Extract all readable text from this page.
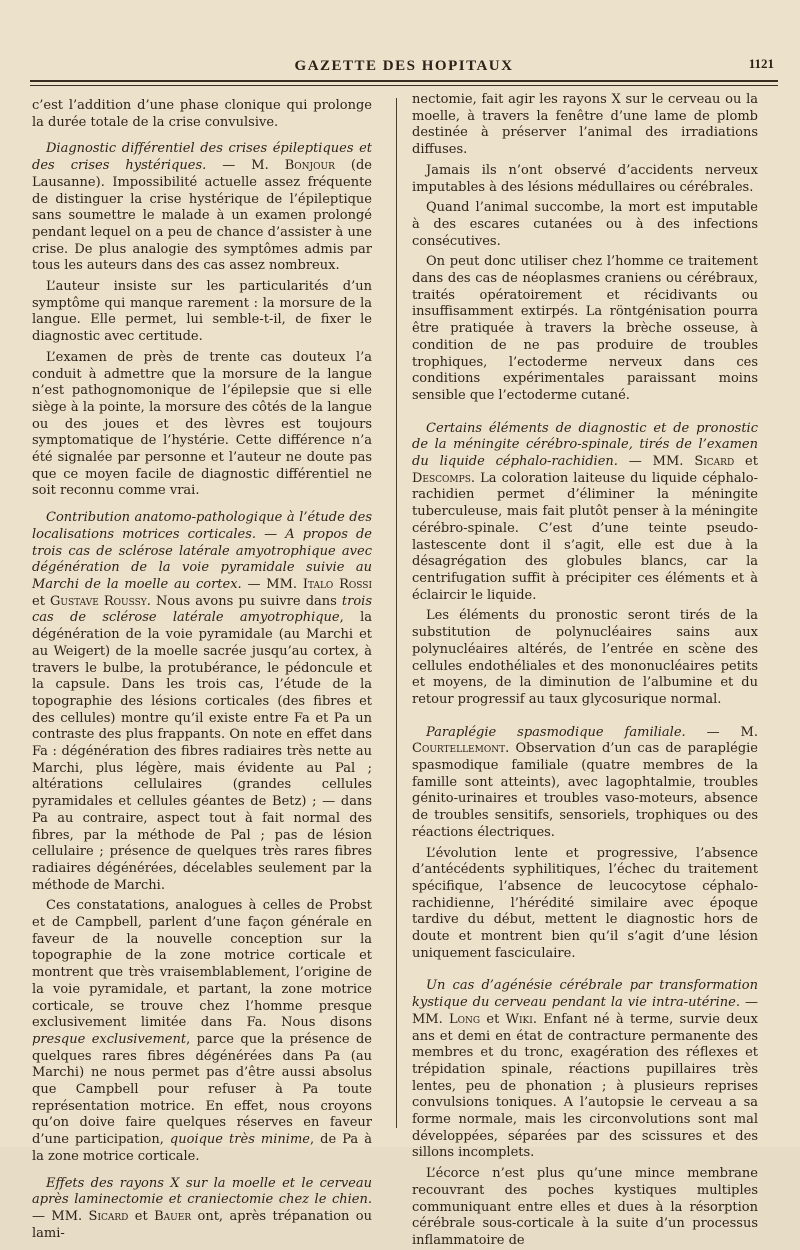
GAZETTE DES HOPITAUX	1121

c’est l’addition d’une phase clonique qui prolonge la durée totale de la crise convulsive.

Diagnostic différentiel des crises épileptiques et des crises hystériques. — M. Bonjour (de Lausanne). Impossibilité actuelle assez fréquente de distinguer la crise hystérique de l’épileptique sans soumettre le malade à un examen prolongé pendant lequel on a peu de chance d’assister à une crise. De plus analogie des symptômes admis par tous les auteurs dans des cas assez nombreux.

L’auteur insiste sur les particularités d’un symptôme qui manque rarement : la morsure de la langue. Elle permet, lui semble-t-il, de fixer le diagnostic avec certitude.

L’examen de près de trente cas douteux l’a conduit à admettre que la morsure de la langue n’est pathognomonique de l’épilepsie que si elle siège à la pointe, la morsure des côtés de la langue ou des joues et des lèvres est toujours symptomatique de l’hystérie. Cette différence n’a été signalée par personne et l’auteur ne doute pas que ce moyen facile de diagnostic différentiel ne soit reconnu comme vrai.

Contribution anatomo-pathologique à l’étude des localisations motrices corticales. — A propos de trois cas de sclérose latérale amyotrophique avec dégénération de la voie pyramidale suivie au Marchi de la moelle au cortex. — MM. Italo Rossi et Gustave Roussy. Nous avons pu suivre dans trois cas de sclérose latérale amyotrophique, la dégénération de la voie pyramidale (au Marchi et au Weigert) de la moelle sacrée jusqu’au cortex, à travers le bulbe, la protubérance, le pédoncule et la capsule. Dans les trois cas, l’étude de la topographie des lésions corticales (des fibres et des cellules) montre qu’il existe entre Fa et Pa un contraste des plus frappants. On note en effet dans Fa : dégénération des fibres radiaires très nette au Marchi, plus légère, mais évidente au Pal ; altérations cellulaires (grandes cellules pyramidales et cellules géantes de Betz) ; — dans Pa au contraire, aspect tout à fait normal des fibres, par la méthode de Pal ; pas de lésion cellulaire ; présence de quelques très rares fibres radiaires dégénérées, décelables seulement par la méthode de Marchi.

Ces constatations, analogues à celles de Probst et de Campbell, parlent d’une façon générale en faveur de la nouvelle conception sur la topographie de la zone motrice corticale et montrent que très vraisemblablement, l’origine de la voie pyramidale, et partant, la zone motrice corticale, se trouve chez l’homme presque exclusivement limitée dans Fa. Nous disons presque exclusivement, parce que la présence de quelques rares fibres dégénérées dans Pa (au Marchi) ne nous permet pas d’être aussi absolus que Campbell pour refuser à Pa toute représentation motrice. En effet, nous croyons qu’on doive faire quelques réserves en faveur d’une participation, quoique très minime, de Pa à la zone motrice corticale.

Effets des rayons X sur la moelle et le cerveau après laminectomie et craniectomie chez le chien. — MM. Sicard et Bauer ont, après trépanation ou lami-

nectomie, fait agir les rayons X sur le cerveau ou la moelle, à travers la fenêtre d’une lame de plomb destinée à préserver l’animal des irradiations diffuses.

Jamais ils n’ont observé d’accidents nerveux imputables à des lésions médullaires ou cérébrales.

Quand l’animal succombe, la mort est imputable à des escares cutanées ou à des infections consécutives.

On peut donc utiliser chez l’homme ce traitement dans des cas de néoplasmes craniens ou cérébraux, traités opératoirement et récidivants ou insuffisamment extirpés. La röntgénisation pourra être pratiquée à travers la brèche osseuse, à condition de ne pas produire de troubles trophiques, l’ectoderme nerveux dans ces conditions expérimentales paraissant moins sensible que l’ectoderme cutané.

Certains éléments de diagnostic et de pronostic de la méningite cérébro-spinale, tirés de l’examen du liquide céphalo-rachidien. — MM. Sicard et Descomps. La coloration laiteuse du liquide céphalo-rachidien permet d’éliminer la méningite tuberculeuse, mais fait plutôt penser à la méningite cérébro-spinale. C’est d’une teinte pseudo-lastescente dont il s’agit, elle est due à la désagrégation des globules blancs, car la centrifugation suffit à précipiter ces éléments et à éclaircir le liquide.

Les éléments du pronostic seront tirés de la substitution de polynucléaires sains aux polynucléaires altérés, de l’entrée en scène des cellules endothéliales et des mononucléaires petits et moyens, de la diminution de l’albumine et du retour progressif au taux glycosurique normal.

Paraplégie spasmodique familiale. — M. Courtellemont. Observation d’un cas de paraplégie spasmodique familiale (quatre membres de la famille sont atteints), avec lagophtalmie, troubles génito-urinaires et troubles vaso-moteurs, absence de troubles sensitifs, sensoriels, trophiques ou des réactions électriques.

L’évolution lente et progressive, l’absence d’antécédents syphilitiques, l’échec du traitement spécifique, l’absence de leucocytose céphalo-rachidienne, l’hérédité similaire avec époque tardive du début, mettent le diagnostic hors de doute et montrent bien qu’il s’agit d’une lésion uniquement fasciculaire.

Un cas d’agénésie cérébrale par transformation kystique du cerveau pendant la vie intra-utérine. — MM. Long et Wiki. Enfant né à terme, survie deux ans et demi en état de contracture permanente des membres et du tronc, exagération des réflexes et trépidation spinale, réactions pupillaires très lentes, peu de phonation ; à plusieurs reprises convulsions toniques. A l’autopsie le cerveau a sa forme normale, mais les circonvolutions sont mal développées, séparées par des scissures et des sillons incomplets.

L’écorce n’est plus qu’une mince membrane recouvrant des poches kystiques multiples communiquant entre elles et dues à la résorption cérébrale sous-corticale à la suite d’un processus inflammatoire de
